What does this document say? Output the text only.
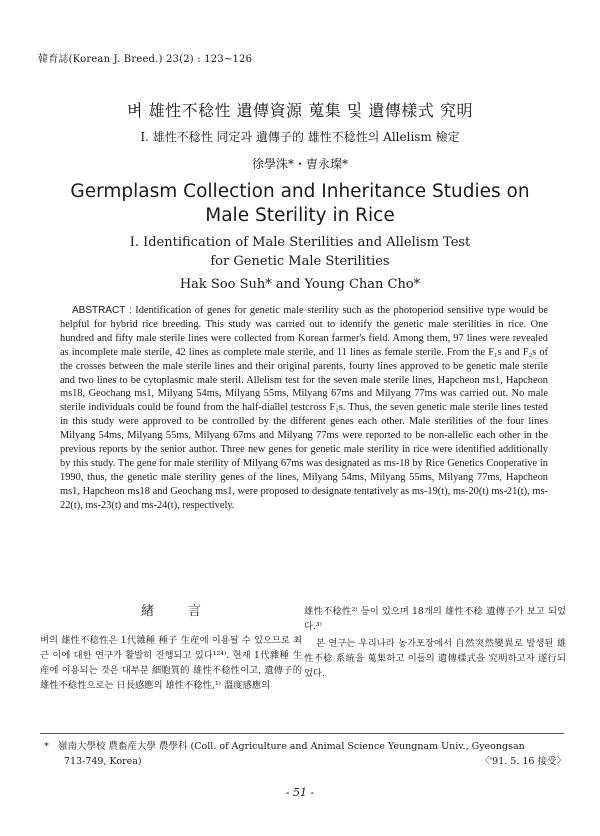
韓育誌(Korean J. Breed.) 23(2) : 123~126
벼 雄性不稔性 遺傳資源 蒐集 및 遺傳樣式 究明
Ⅰ. 雄性不稔性 同定과 遺傳子的 雄性不稔性의 Allelism 檢定
徐學洙*・曺永璨*
Germplasm Collection and Inheritance Studies on
Male Sterility in Rice
I. Identification of Male Sterilities and Allelism Test
for Genetic Male Sterilities
Hak Soo Suh* and Young Chan Cho*
ABSTRACT : Identification of genes for genetic male sterility such as the photoperiod sensitive type would be helpful for hybrid rice breeding. This study was carried out to identify the genetic male sterilities in rice. One hundred and fifty male sterile lines were collected from Korean farmer's field. Among them, 97 lines were revealed as incomplete male sterile, 42 lines as complete male sterile, and 11 lines as female sterile. From the F₁s and F₂s of the crosses between the male sterile lines and their original parents, fourty lines approved to be genetic male sterile and two lines to be cytoplasmic male steril. Allelism test for the seven male sterile lines, Hapcheon ms1, Hapcheon ms18, Geochang ms1, Milyang 54ms, Milyang 55ms, Milyang 67ms and Milyang 77ms was carried out. No male sterile individuals could be found from the half-diallel testcross F₁s. Thus, the seven genetic male sterile lines tested in this study were approved to be controlled by the different genes each other. Male sterilities of the four lines Milyang 54ms, Milyang 55ms, Milyang 67ms and Milyang 77ms were reported to be non-allelic each other in the previous reports by the senior author. Three new genes for genetic male sterility in rice were identified additionally by this study. The gene for male sterility of Milyang 67ms was designated as ms-18 by Rice Genetics Cooperative in 1990, thus, the genetic male sterility genes of the lines, Milyang 54ms, Milyang 55ms, Milyang 77ms, Hapcheon ms1, Hapcheon ms18 and Geochang ms1, were proposed to designate tentatively as ms-19(t), ms-20(t) ms-21(t), ms-22(t), ms-23(t) and ms-24(t), respectively.
緖言

벼의 雄性不稔性은 1代雜種 種子 生産에 이용될 수 있으므로 최근 이에 대한 연구가 활발히 진행되고 있다¹²⁴⁾. 현재 1代雜種 生産에 이용되는 것은 대부분 細胞質的 雄性不稔性이고, 遺傳子的 雄性不稔性으로는 日長感應의 雄性不稔性,¹⁾ 溫度感應의

雄性不稔性²⁾ 등이 있으며 18개의 雄性不稔 遺傳子가 보고 되었다.³⁾

본 연구는 우리나라 농가포장에서 自然突然變異로 발생된 雄性不稔 系統을 蒐集하고 이들의 遺傳樣式을 究明하고자 遂行되었다.

* 嶺南大學校 農畜産大學 農學科 (Coll. of Agriculture and Animal Science Yeungnam Univ., Gyeongsan
713-749, Korea)	〈'91. 5. 16 接受〉
- 51 -
